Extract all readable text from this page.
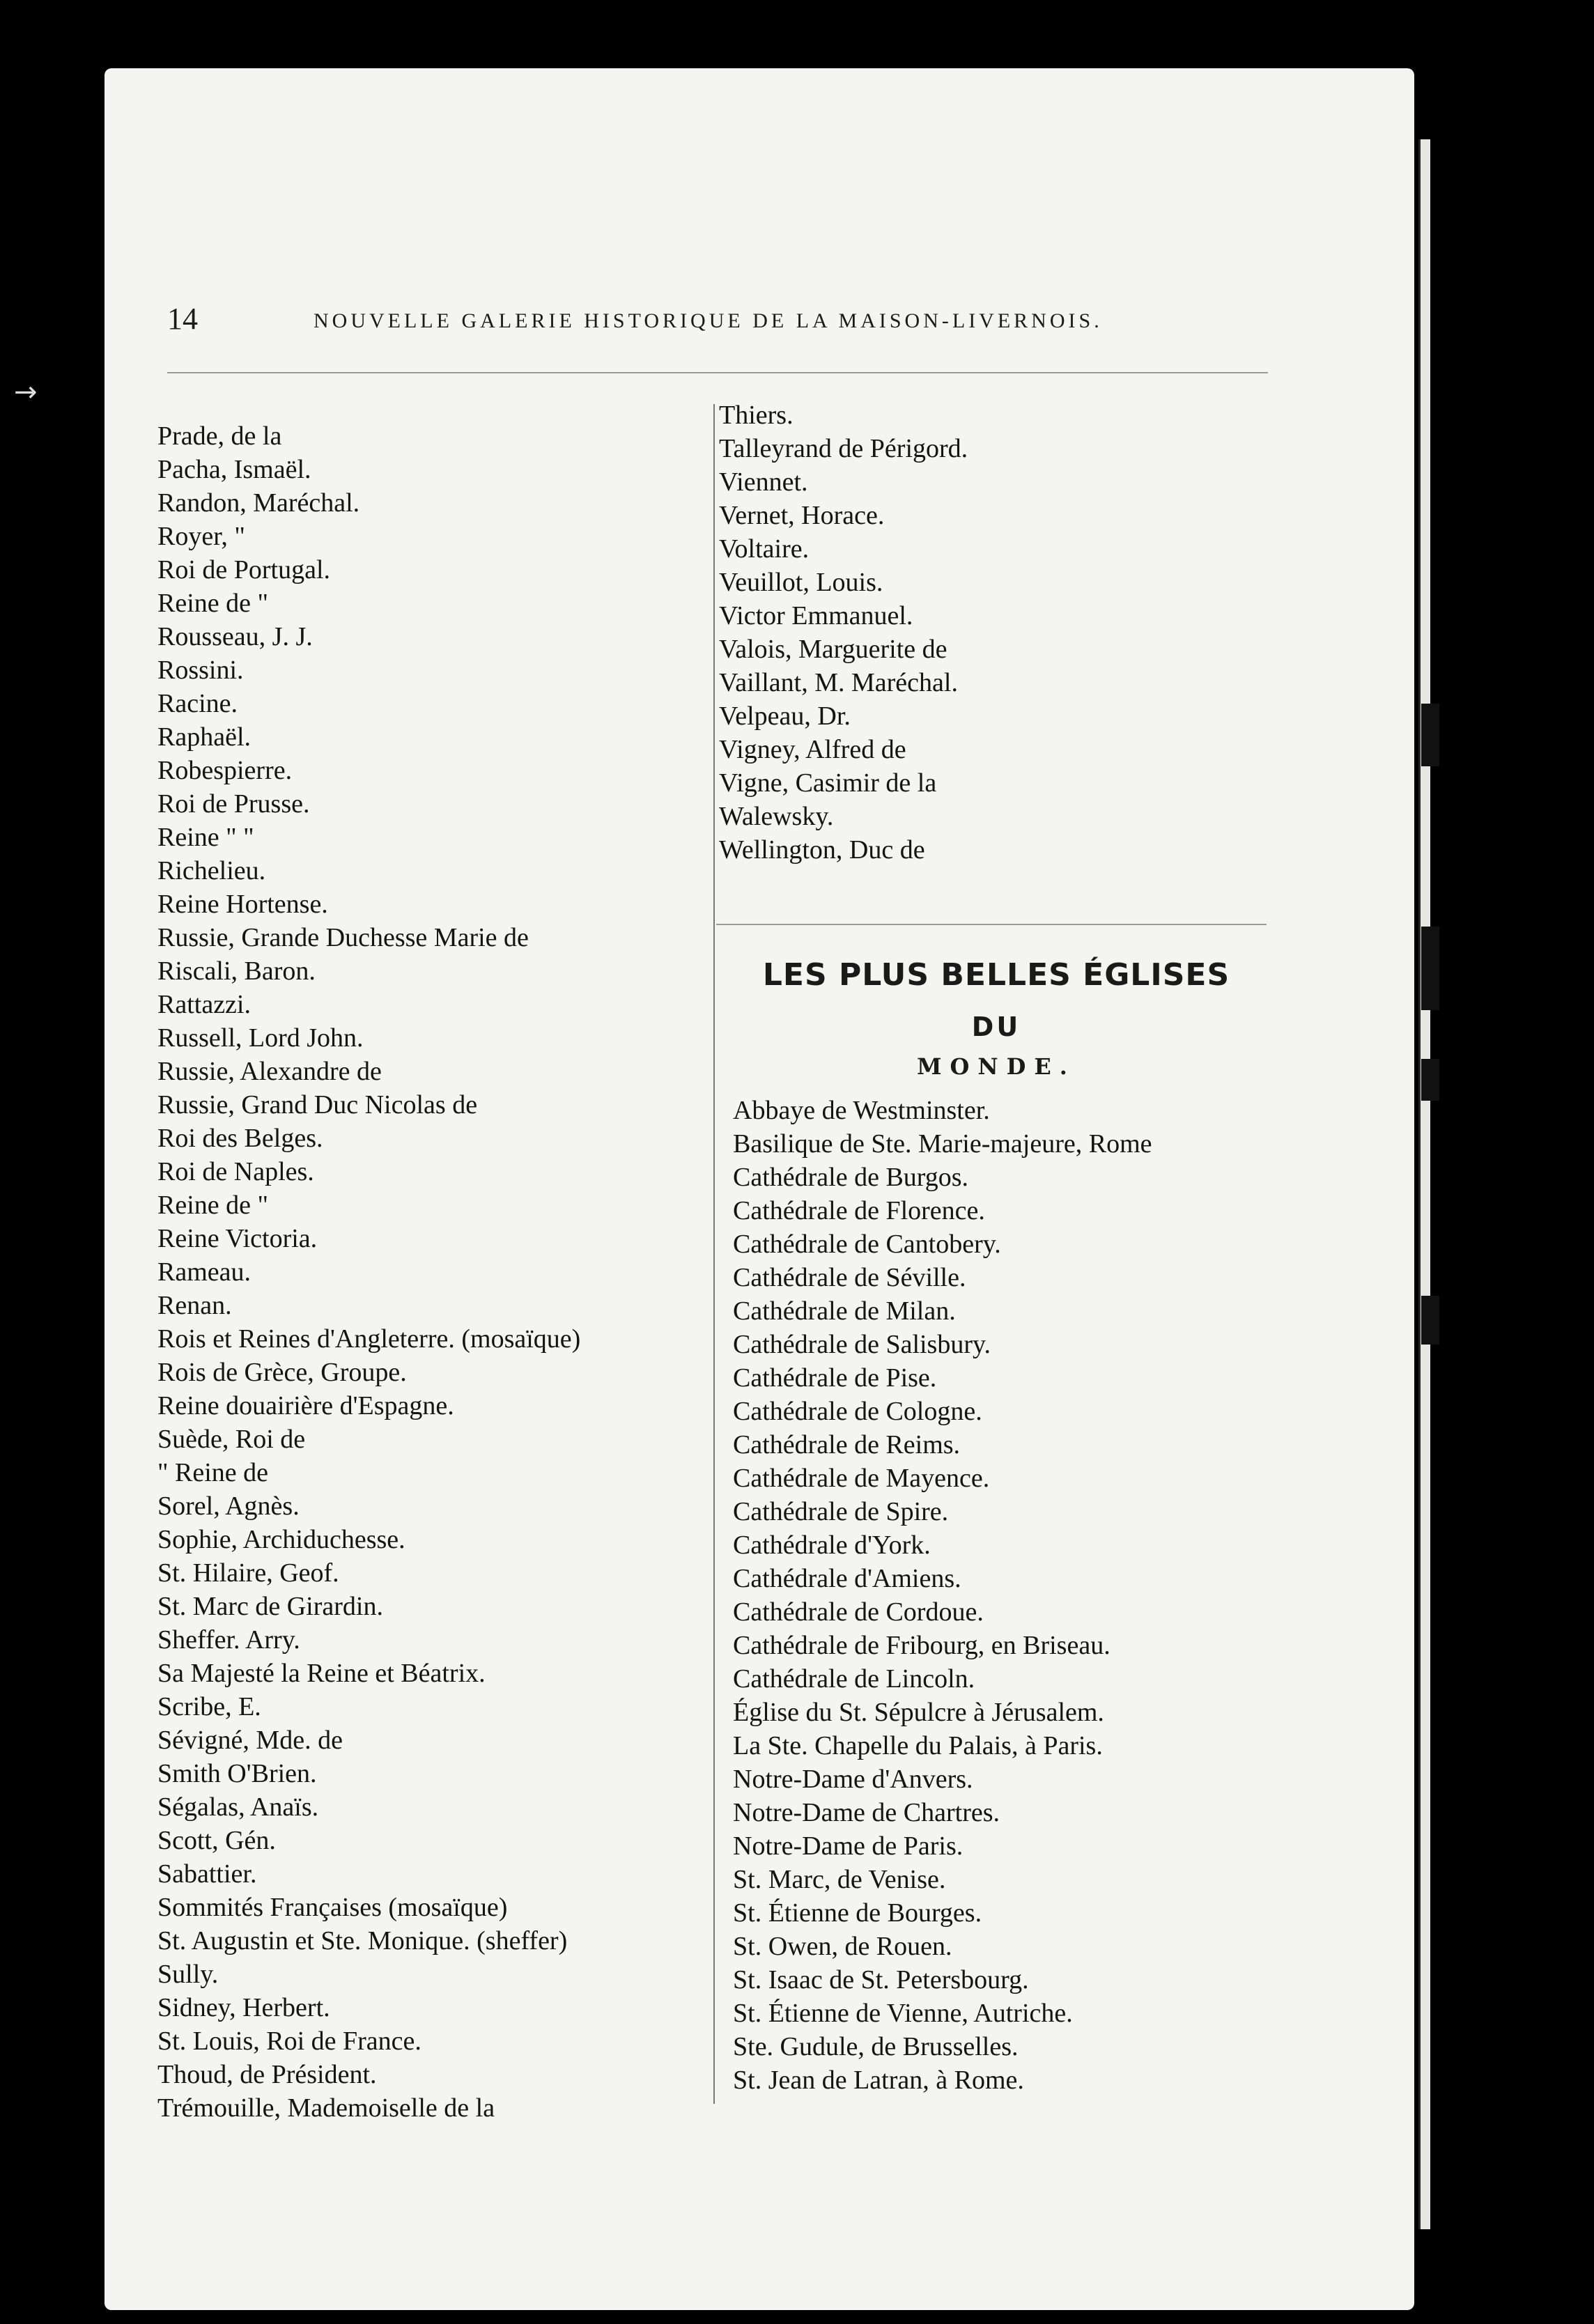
→
14	NOUVELLE GALERIE HISTORIQUE DE LA MAISON-LIVERNOIS.
Prade, de la
Pacha, Ismaël.
Randon, Maréchal.
Royer, "
Roi de Portugal.
Reine de "
Rousseau, J. J.
Rossini.
Racine.
Raphaël.
Robespierre.
Roi de Prusse.
Reine " "
Richelieu.
Reine Hortense.
Russie, Grande Duchesse Marie de
Riscali, Baron.
Rattazzi.
Russell, Lord John.
Russie, Alexandre de
Russie, Grand Duc Nicolas de
Roi des Belges.
Roi de Naples.
Reine de "
Reine Victoria.
Rameau.
Renan.
Rois et Reines d'Angleterre. (mosaïque)
Rois de Grèce, Groupe.
Reine douairière d'Espagne.
Suède, Roi de
" Reine de
Sorel, Agnès.
Sophie, Archiduchesse.
St. Hilaire, Geof.
St. Marc de Girardin.
Sheffer. Arry.
Sa Majesté la Reine et Béatrix.
Scribe, E.
Sévigné, Mde. de
Smith O'Brien.
Ségalas, Anaïs.
Scott, Gén.
Sabattier.
Sommités Françaises (mosaïque)
St. Augustin et Ste. Monique. (sheffer)
Sully.
Sidney, Herbert.
St. Louis, Roi de France.
Thoud, de Président.
Trémouille, Mademoiselle de la
Thiers.
Talleyrand de Périgord.
Viennet.
Vernet, Horace.
Voltaire.
Veuillot, Louis.
Victor Emmanuel.
Valois, Marguerite de
Vaillant, M. Maréchal.
Velpeau, Dr.
Vigney, Alfred de
Vigne, Casimir de la
Walewsky.
Wellington, Duc de
LES PLUS BELLES ÉGLISES
DU
MONDE.
Abbaye de Westminster.
Basilique de Ste. Marie-majeure, Rome
Cathédrale de Burgos.
Cathédrale de Florence.
Cathédrale de Cantobery.
Cathédrale de Séville.
Cathédrale de Milan.
Cathédrale de Salisbury.
Cathédrale de Pise.
Cathédrale de Cologne.
Cathédrale de Reims.
Cathédrale de Mayence.
Cathédrale de Spire.
Cathédrale d'York.
Cathédrale d'Amiens.
Cathédrale de Cordoue.
Cathédrale de Fribourg, en Briseau.
Cathédrale de Lincoln.
Église du St. Sépulcre à Jérusalem.
La Ste. Chapelle du Palais, à Paris.
Notre-Dame d'Anvers.
Notre-Dame de Chartres.
Notre-Dame de Paris.
St. Marc, de Venise.
St. Étienne de Bourges.
St. Owen, de Rouen.
St. Isaac de St. Petersbourg.
St. Étienne de Vienne, Autriche.
Ste. Gudule, de Brusselles.
St. Jean de Latran, à Rome.
